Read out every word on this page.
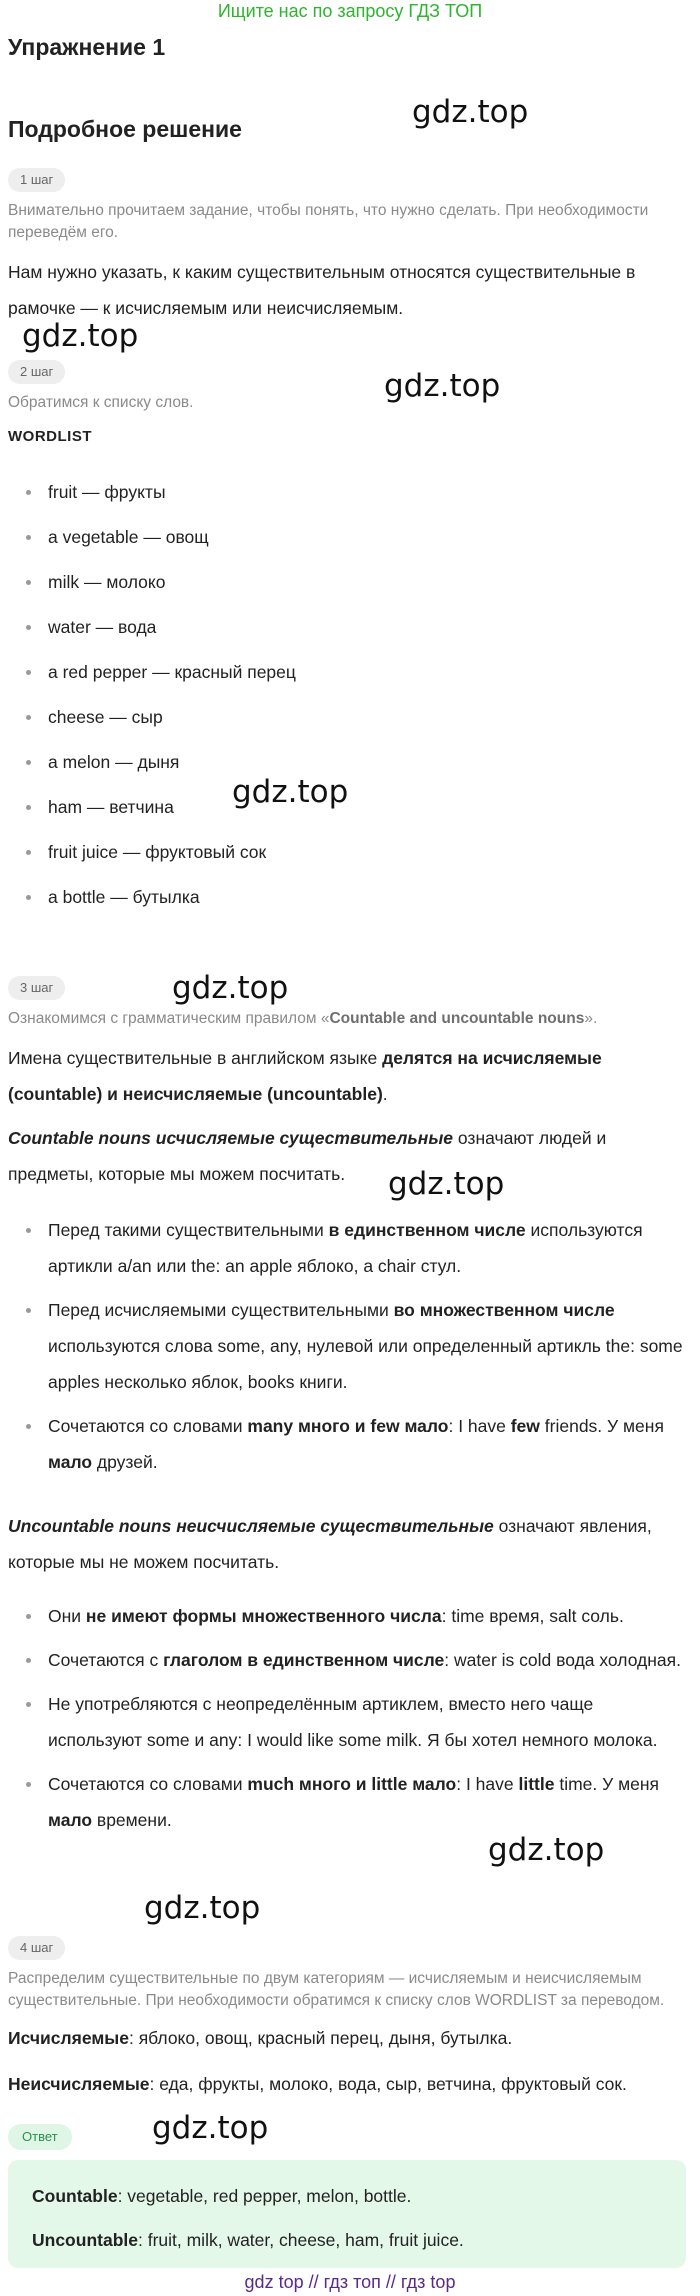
Ищите нас по запросу ГДЗ ТОП
Упражнение 1
Подробное решение	gdz.top
gdz.top
gdz.top
gdz.top
gdz.top
gdz.top
gdz.top
gdz.top
gdz.top
1 шаг
Внимательно прочитаем задание, чтобы понять, что нужно сделать. При необходимости переведём его.
Нам нужно указать, к каким существительным относятся существительные в рамочке — к исчисляемым или неисчисляемым.
2 шаг
Обратимся к списку слов.
WORDLIST
fruit — фрукты
a vegetable — овощ
milk — молоко
water — вода
a red pepper — красный перец
cheese — сыр
a melon — дыня
ham — ветчина
fruit juice — фруктовый сок
a bottle — бутылка
3 шаг
Ознакомимся с грамматическим правилом «Countable and uncountable nouns».
Имена существительные в английском языке делятся на исчисляемые (countable) и неисчисляемые (uncountable).
Countable nouns исчисляемые существительные означают людей и предметы, которые мы можем посчитать.
Перед такими существительными в единственном числе используются артикли a/an или the: an apple яблоко, a chair стул.
Перед исчисляемыми существительными во множественном числе используются слова some, any, нулевой или определенный артикль the: some apples несколько яблок, books книги.
Сочетаются со словами many много и few мало: I have few friends. У меня мало друзей.
Uncountable nouns неисчисляемые существительные означают явления, которые мы не можем посчитать.
Они не имеют формы множественного числа: time время, salt соль.
Сочетаются с глаголом в единственном числе: water is cold вода холодная.
Не употребляются с неопределённым артиклем, вместо него чаще используют some и any: I would like some milk. Я бы хотел немного молока.
Сочетаются со словами much много и little мало: I have little time. У меня мало времени.
4 шаг
Распределим существительные по двум категориям — исчисляемым и неисчисляемым существительные. При необходимости обратимся к списку слов WORDLIST за переводом.
Исчисляемые: яблоко, овощ, красный перец, дыня, бутылка.
Неисчисляемые: еда, фрукты, молоко, вода, сыр, ветчина, фруктовый сок.
Ответ
Countable: vegetable, red pepper, melon, bottle.
Uncountable: fruit, milk, water, cheese, ham, fruit juice.
gdz top // гдз топ // гдз top
